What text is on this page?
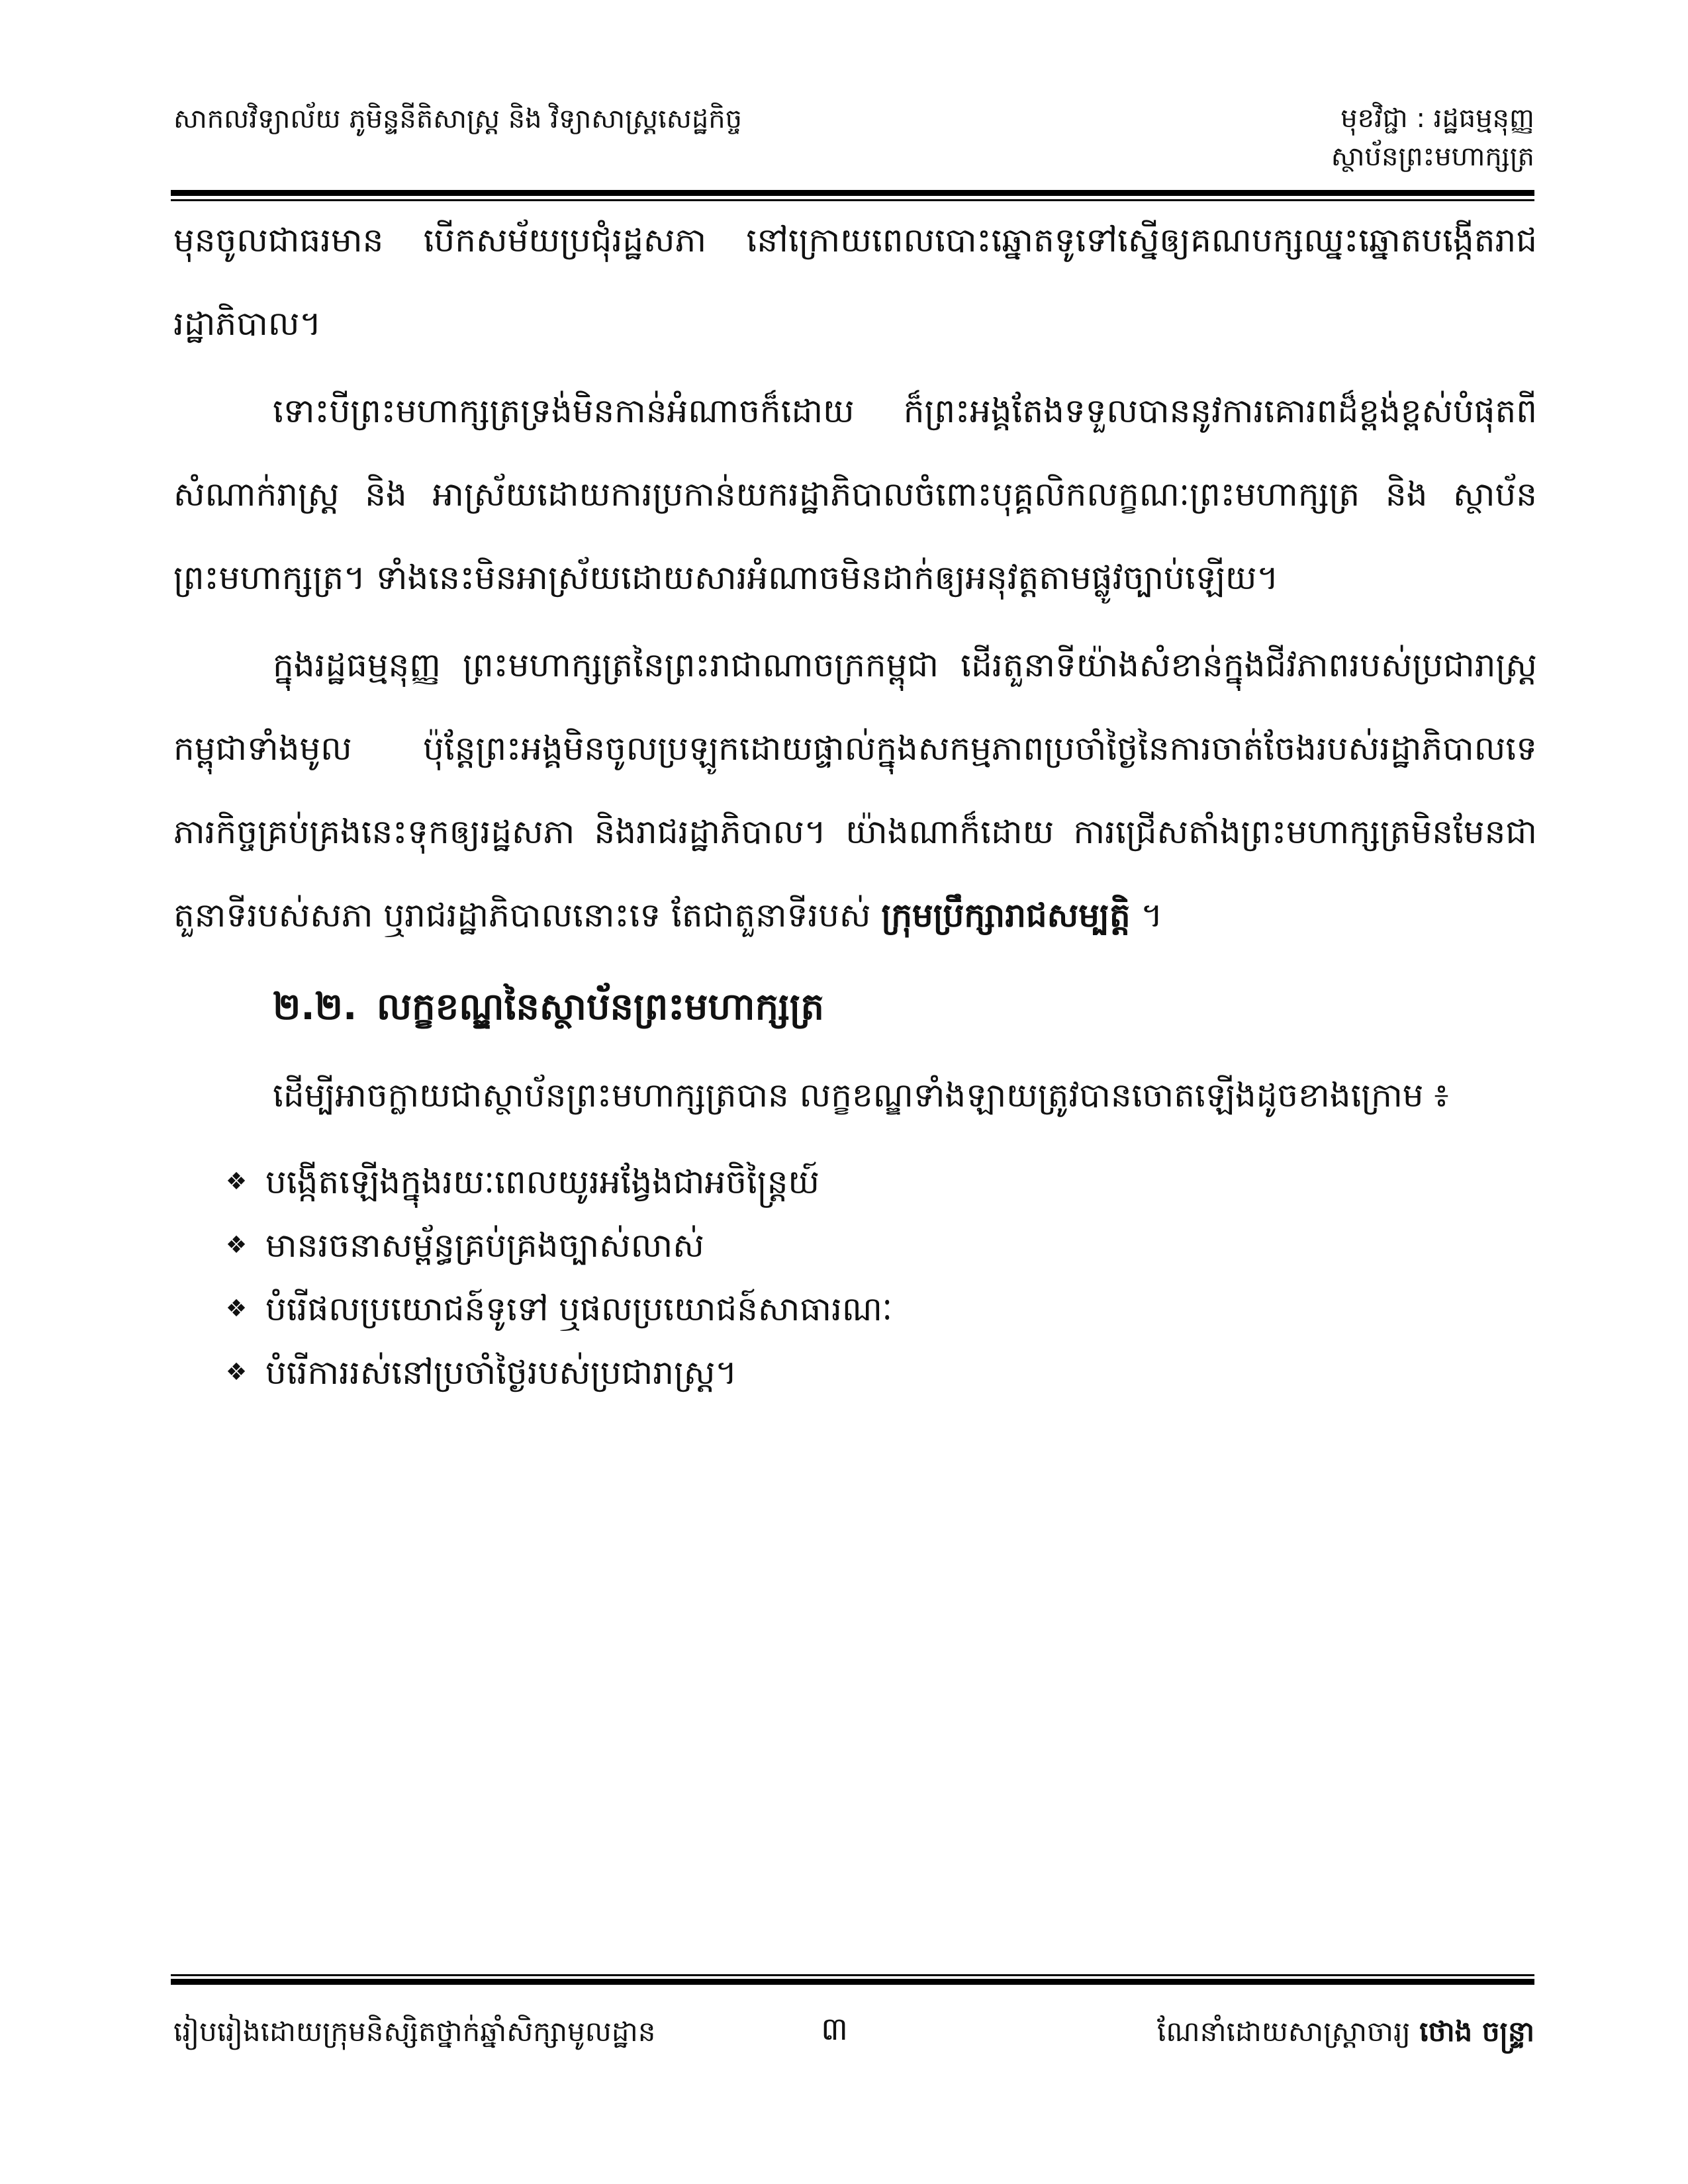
សាកលវិទ្យាល័យ ភូមិន្ទនីតិសាស្ត្រ និង វិទ្យាសាស្ត្រសេដ្ឋកិច្ច	មុខវិជ្ជា : រដ្ឋធម្មនុញ្ញ
ស្ថាប័នព្រះមហាក្សត្រ

មុនចូលជាធរមាន បើកសម័យប្រជុំរដ្ឋសភា នៅក្រោយពេលបោះឆ្នោតទូទៅស្នើឲ្យគណបក្សឈ្នះឆ្នោតបង្កើតរាជរដ្ឋាភិបាល។

ទោះបីព្រះមហាក្សត្រទ្រង់មិនកាន់អំណាចក៏ដោយ ក៏ព្រះអង្គតែងទទួលបាននូវការគោរពដ៏ខ្ពង់ខ្ពស់បំផុតពីសំណាក់រាស្ត្រ និង អាស្រ័យដោយការប្រកាន់យករដ្ឋាភិបាលចំពោះបុគ្គលិកលក្ខណៈព្រះមហាក្សត្រ និង ស្ថាប័នព្រះមហាក្សត្រ។ ទាំងនេះមិនអាស្រ័យដោយសារអំណាចមិនដាក់ឲ្យអនុវត្តតាមផ្លូវច្បាប់ឡើយ។

ក្នុងរដ្ឋធម្មនុញ្ញ ព្រះមហាក្សត្រនៃព្រះរាជាណាចក្រកម្ពុជា ដើរតួនាទីយ៉ាងសំខាន់ក្នុងជីវភាពរបស់ប្រជារាស្ត្រកម្ពុជាទាំងមូល ប៉ុន្តែព្រះអង្គមិនចូលប្រឡូកដោយផ្ទាល់ក្នុងសកម្មភាពប្រចាំថ្ងៃនៃការចាត់ចែងរបស់រដ្ឋាភិបាលទេ ភារកិច្ចគ្រប់គ្រងនេះទុកឲ្យរដ្ឋសភា និងរាជរដ្ឋាភិបាល។ យ៉ាងណាក៏ដោយ ការជ្រើសតាំងព្រះមហាក្សត្រមិនមែនជាតួនាទីរបស់សភា ឬរាជរដ្ឋាភិបាលនោះទេ តែជាតួនាទីរបស់ ក្រុមប្រឹក្សារាជសម្បត្តិ ។

២.២. លក្ខខណ្ឌនៃស្ថាប័នព្រះមហាក្សត្រ

ដើម្បីអាចក្លាយជាស្ថាប័នព្រះមហាក្សត្របាន លក្ខខណ្ឌទាំងឡាយត្រូវបានចោតឡើងដូចខាងក្រោម ៖

❖ បង្កើតឡើងក្នុងរយៈពេលយូរអង្វែងជាអចិន្ត្រៃយ៍
❖ មានរចនាសម្ព័ន្ធគ្រប់គ្រងច្បាស់លាស់
❖ បំរើផលប្រយោជន៍ទូទៅ ឬផលប្រយោជន៍សាធារណៈ
❖ បំរើការរស់នៅប្រចាំថ្ងៃរបស់ប្រជារាស្ត្រ។
រៀបរៀងដោយក្រុមនិស្សិតថ្នាក់ឆ្នាំសិក្សាមូលដ្ឋាន	៣	ណែនាំដោយសាស្ត្រាចារ្យ ថោង ចន្ទ្រា
